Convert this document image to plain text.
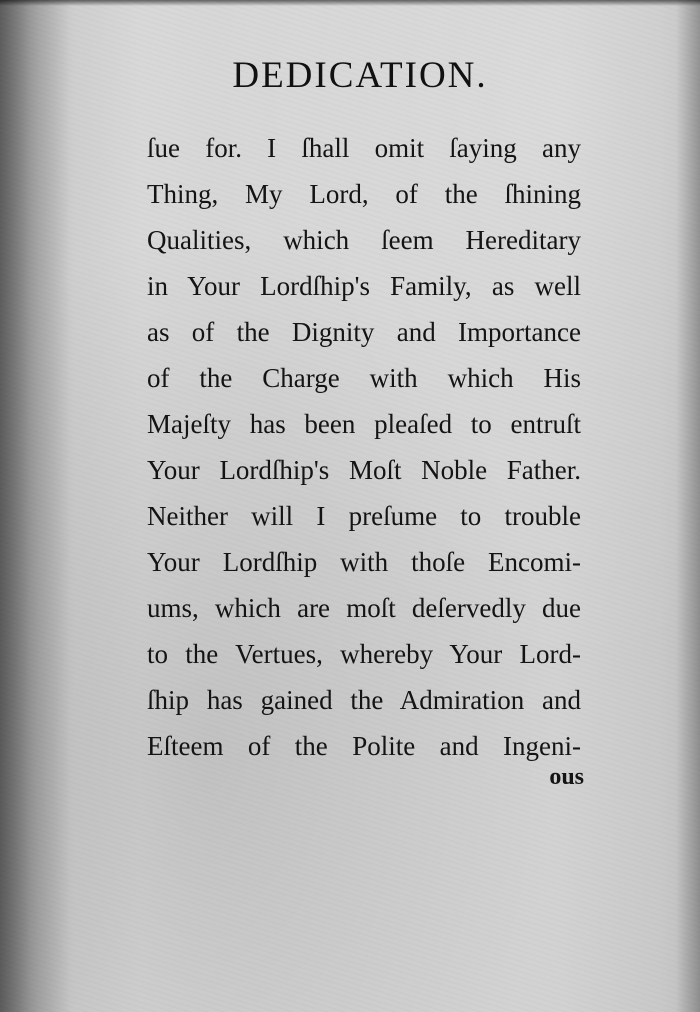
DEDICATION.
ſue for. I ſhall omit ſaying any
Thing, My Lord, of the ſhining
Qualities, which ſeem Hereditary
in Your Lordſhip's Family, as well
as of the Dignity and Importance
of the Charge with which His
Majeſty has been pleaſed to entruſt
Your Lordſhip's Moſt Noble Father.
Neither will I preſume to trouble
Your Lordſhip with thoſe Encomi-
ums, which are moſt deſervedly due
to the Vertues, whereby Your Lord-
ſhip has gained the Admiration and
Eſteem of the Polite and Ingeni-
ous
